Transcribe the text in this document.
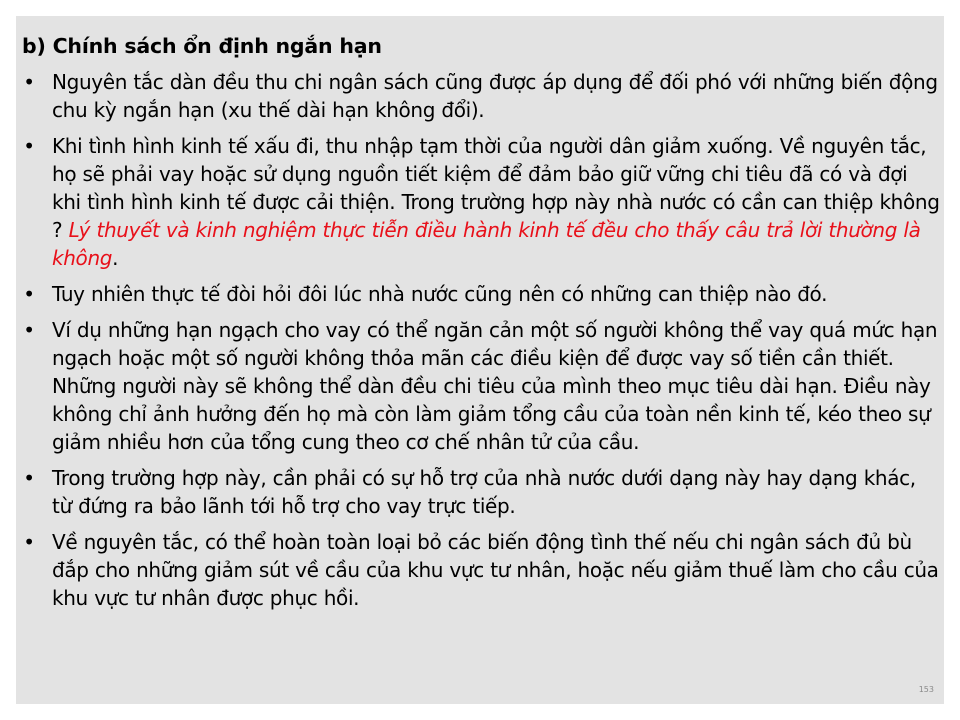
b) Chính sách ổn định ngắn hạn
• Nguyên tắc dàn đều thu chi ngân sách cũng được áp dụng để đối phó với những biến động chu kỳ ngắn hạn (xu thế dài hạn không đổi).
• Khi tình hình kinh tế xấu đi, thu nhập tạm thời của người dân giảm xuống. Về nguyên tắc, họ sẽ phải vay hoặc sử dụng nguồn tiết kiệm để đảm bảo giữ vững chi tiêu đã có và đợi khi tình hình kinh tế được cải thiện. Trong trường hợp này nhà nước có cần can thiệp không ? Lý thuyết và kinh nghiệm thực tiễn điều hành kinh tế đều cho thấy câu trả lời thường là không.
• Tuy nhiên thực tế đòi hỏi đôi lúc nhà nước cũng nên có những can thiệp nào đó.
• Ví dụ những hạn ngạch cho vay có thể ngăn cản một số người không thể vay quá mức hạn ngạch hoặc một số người không thỏa mãn các điều kiện để được vay số tiền cần thiết. Những người này sẽ không thể dàn đều chi tiêu của mình theo mục tiêu dài hạn. Điều này không chỉ ảnh hưởng đến họ mà còn làm giảm tổng cầu của toàn nền kinh tế, kéo theo sự giảm nhiều hơn của tổng cung theo cơ chế nhân tử của cầu.
• Trong trường hợp này, cần phải có sự hỗ trợ của nhà nước dưới dạng này hay dạng khác, từ đứng ra bảo lãnh tới hỗ trợ cho vay trực tiếp.
• Về nguyên tắc, có thể hoàn toàn loại bỏ các biến động tình thế nếu chi ngân sách đủ bù đắp cho những giảm sút về cầu của khu vực tư nhân, hoặc nếu giảm thuế làm cho cầu của khu vực tư nhân được phục hồi.
153
